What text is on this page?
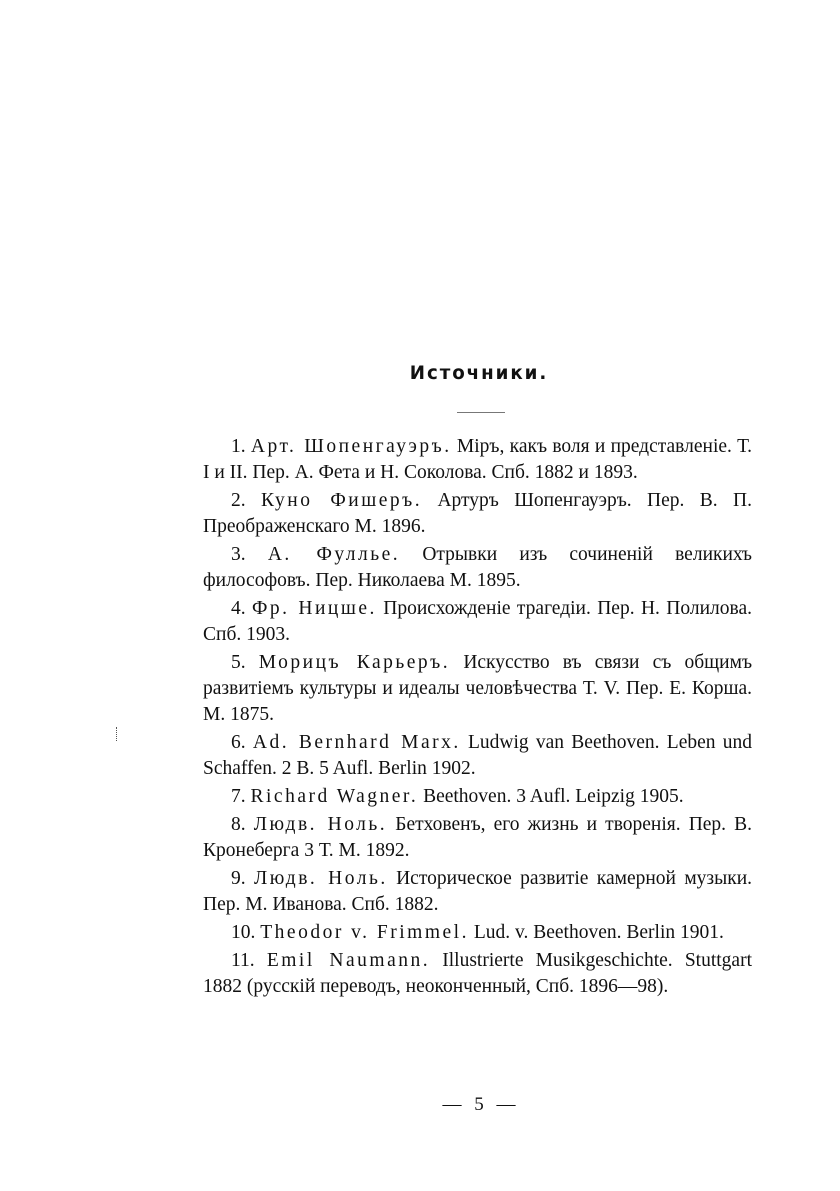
Источники.

1. Арт. Шопенгауэръ. Міръ, какъ воля и представленіе. Т. I и II. Пер. А. Фета и Н. Соколова. Спб. 1882 и 1893.

2. Куно Фишеръ. Артуръ Шопенгауэръ. Пер. В. П. Преображенскаго М. 1896.

3. А. Фуллье. Отрывки изъ сочиненій великихъ философовъ. Пер. Николаева М. 1895.

4. Фр. Ницше. Происхожденіе трагедіи. Пер. Н. Полилова. Спб. 1903.

5. Морицъ Карьеръ. Искусство въ связи съ общимъ развитіемъ культуры и идеалы человѣчества Т. V. Пер. Е. Корша. М. 1875.

6. Ad. Bernhard Marx. Ludwig van Beethoven. Leben und Schaffen. 2 B. 5 Aufl. Berlin 1902.

7. Richard Wagner. Beethoven. 3 Aufl. Leipzig 1905.

8. Людв. Ноль. Бетховенъ, его жизнь и творенія. Пер. В. Кронеберга 3 Т. М. 1892.

9. Людв. Ноль. Историческое развитіе камерной музыки. Пер. М. Иванова. Спб. 1882.

10. Theodor v. Frimmel. Lud. v. Beethoven. Berlin 1901.

11. Emil Naumann. Illustrierte Musikgeschichte. Stuttgart 1882 (русскій переводъ, неоконченный, Спб. 1896—98).

— 5 —
